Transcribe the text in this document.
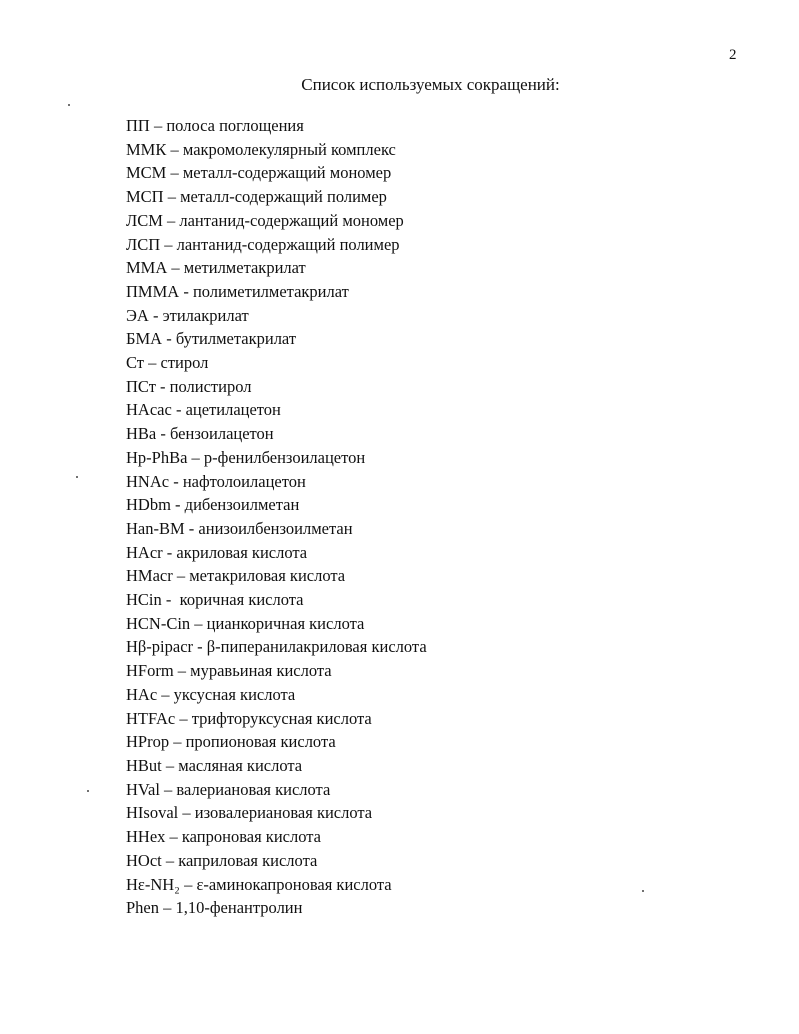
2
Список используемых сокращений:
ПП – полоса поглощения
ММК – макромолекулярный комплекс
МСМ – металл-содержащий мономер
МСП – металл-содержащий полимер
ЛСМ – лантанид-содержащий мономер
ЛСП – лантанид-содержащий полимер
ММА – метилметакрилат
ПММА - полиметилметакрилат
ЭА - этилакрилат
БМА - бутилметакрилат
Ст – стирол
ПСт - полистирол
HAcac - ацетилацетон
HBa - бензоилацетон
Hp-PhBa – р-фенилбензоилацетон
HNAc - нафтолоилацетон
HDbm - дибензоилметан
Han-BM - анизоилбензоилметан
HAcr - акриловая кислота
HMacr – метакриловая кислота
HCin -  коричная кислота
HCN-Cin – цианкоричная кислота
Hβ-pipacr - β-пиперанилакриловая кислота
HForm – муравьиная кислота
HAc – уксусная кислота
HTFAc – трифторуксусная кислота
HProp – пропионовая кислота
HBut – масляная кислота
HVal – валериановая кислота
HIsoval – изовалериановая кислота
HHex – капроновая кислота
HOct – каприловая кислота
Hε-NH₂ – ε-аминокапроновая кислота
Phen – 1,10-фенантролин
